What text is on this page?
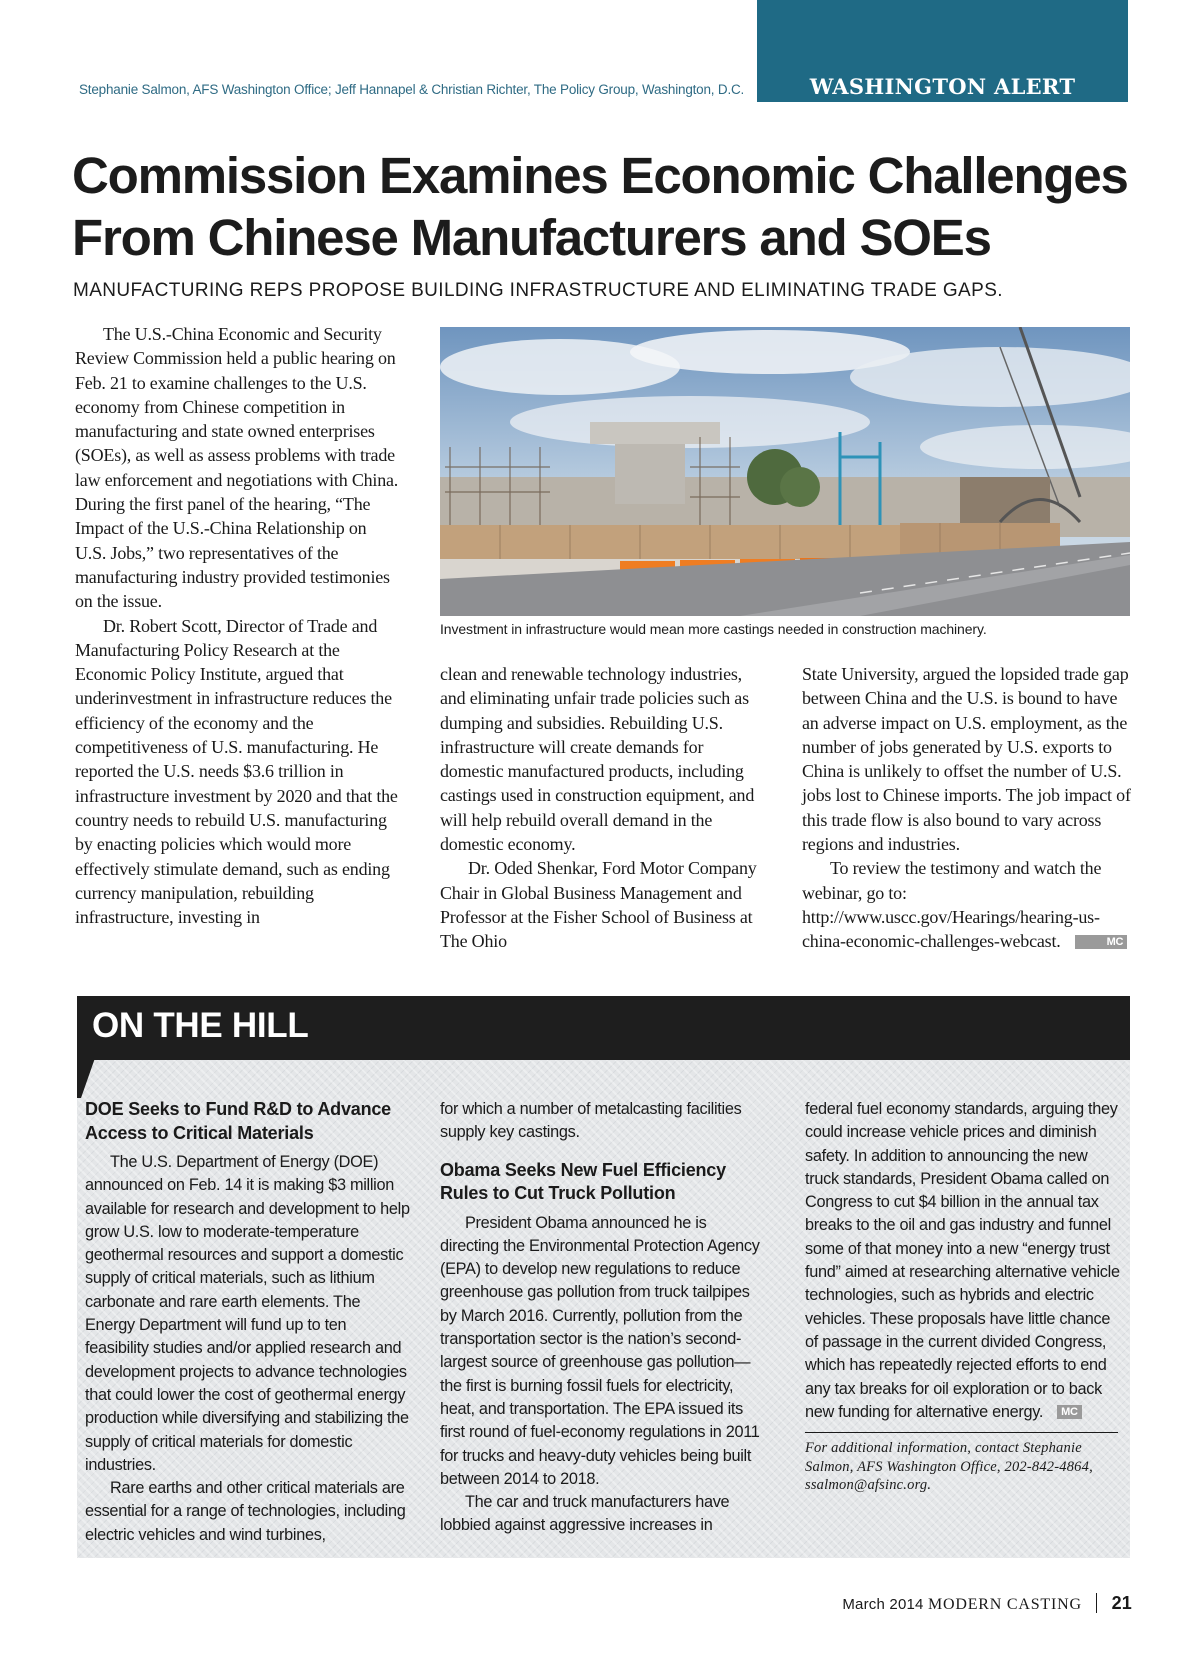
WASHINGTON ALERT
Stephanie Salmon, AFS Washington Office; Jeff Hannapel & Christian Richter, The Policy Group, Washington, D.C.
Commission Examines Economic Challenges
From Chinese Manufacturers and SOEs
MANUFACTURING REPS PROPOSE BUILDING INFRASTRUCTURE AND ELIMINATING TRADE GAPS.

The U.S.-China Economic and Security Review Commission held a public hearing on Feb. 21 to examine challenges to the U.S. economy from Chinese competition in manufacturing and state owned enterprises (SOEs), as well as assess problems with trade law enforcement and negotiations with China. During the first panel of the hearing, “The Impact of the U.S.-China Relationship on U.S. Jobs,” two representatives of the manufacturing industry provided testimonies on the issue.

Dr. Robert Scott, Director of Trade and Manufacturing Policy Research at the Economic Policy Institute, argued that underinvestment in infrastructure reduces the efficiency of the economy and the competitiveness of U.S. manufacturing. He reported the U.S. needs $3.6 trillion in infrastructure investment by 2020 and that the country needs to rebuild U.S. manufacturing by enacting policies which would more effectively stimulate demand, such as ending currency manipulation, rebuilding infrastructure, investing in

Investment in infrastructure would mean more castings needed in construction machinery.

clean and renewable technology industries, and eliminating unfair trade policies such as dumping and subsidies. Rebuilding U.S. infrastructure will create demands for domestic manufactured products, including castings used in construction equipment, and will help rebuild overall demand in the domestic economy.

Dr. Oded Shenkar, Ford Motor Company Chair in Global Business Management and Professor at the Fisher School of Business at The Ohio

State University, argued the lopsided trade gap between China and the U.S. is bound to have an adverse impact on U.S. employment, as the number of jobs generated by U.S. exports to China is unlikely to offset the number of U.S. jobs lost to Chinese imports. The job impact of this trade flow is also bound to vary across regions and industries.

To review the testimony and watch the webinar, go to: http://www.uscc.gov/Hearings/hearing-us-china-economic-challenges-webcast.	MC

ON THE HILL
DOE Seeks to Fund R&D to Advance Access to Critical Materials

The U.S. Department of Energy (DOE) announced on Feb. 14 it is making $3 million available for research and development to help grow U.S. low to moderate-temperature geothermal resources and support a domestic supply of critical materials, such as lithium carbonate and rare earth elements. The Energy Department will fund up to ten feasibility studies and/or applied research and development projects to advance technologies that could lower the cost of geothermal energy production while diversifying and stabilizing the supply of critical materials for domestic industries.

Rare earths and other critical materials are essential for a range of technologies, including electric vehicles and wind turbines,

for which a number of metalcasting facilities supply key castings.

Obama Seeks New Fuel Efficiency Rules to Cut Truck Pollution

President Obama announced he is directing the Environmental Protection Agency (EPA) to develop new regulations to reduce greenhouse gas pollution from truck tailpipes by March 2016. Currently, pollution from the transportation sector is the nation’s second-largest source of greenhouse gas pollution—the first is burning fossil fuels for electricity, heat, and transportation. The EPA issued its first round of fuel-economy regulations in 2011 for trucks and heavy-duty vehicles being built between 2014 to 2018.

The car and truck manufacturers have lobbied against aggressive increases in

federal fuel economy standards, arguing they could increase vehicle prices and diminish safety. In addition to announcing the new truck standards, President Obama called on Congress to cut $4 billion in the annual tax breaks to the oil and gas industry and funnel some of that money into a new “energy trust fund” aimed at researching alternative vehicle technologies, such as hybrids and electric vehicles. These proposals have little chance of passage in the current divided Congress, which has repeatedly rejected efforts to end any tax breaks for oil exploration or to back new funding for alternative energy. MC

For additional information, contact Stephanie Salmon, AFS Washington Office, 202-842-4864, ssalmon@afsinc.org.

March 2014 MODERN CASTING 21
